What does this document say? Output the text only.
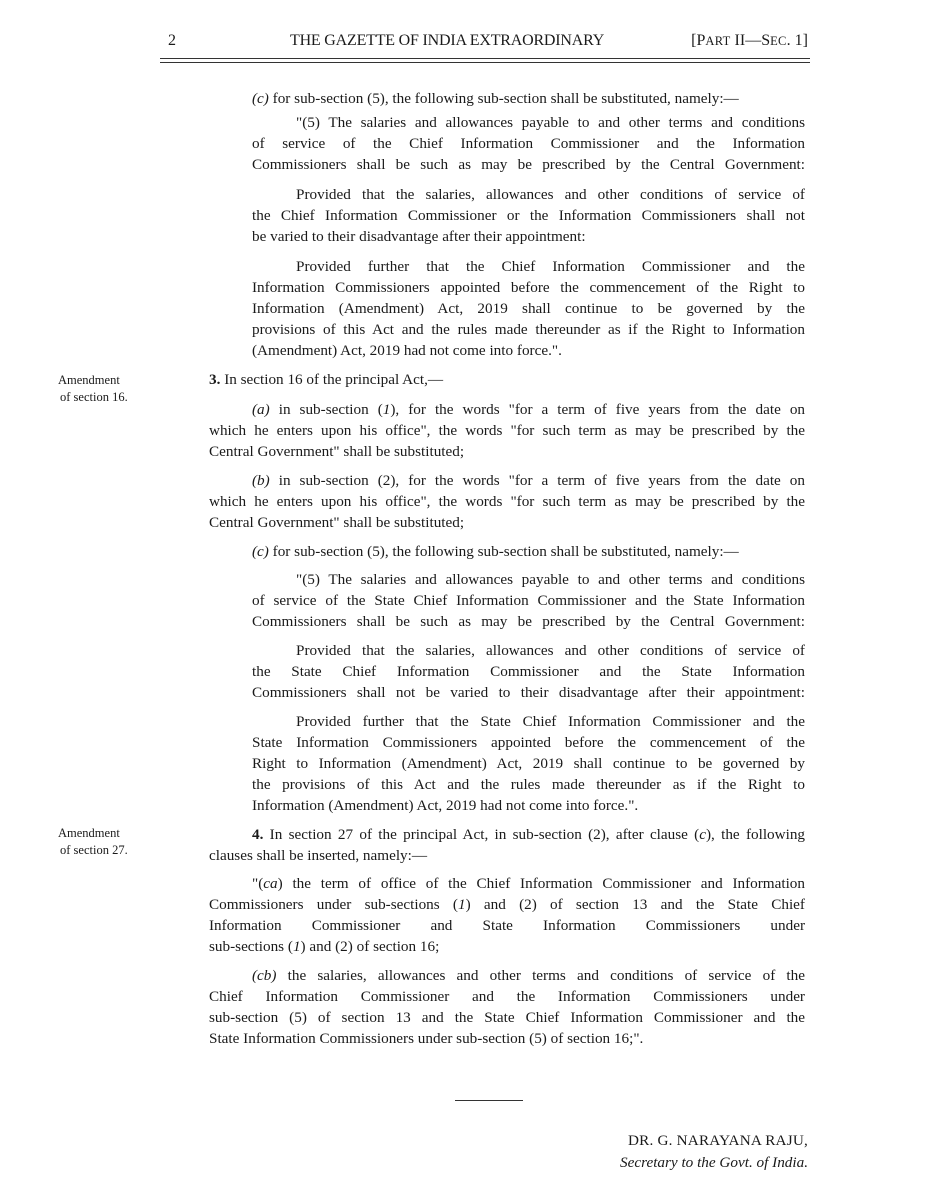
2	THE GAZETTE OF INDIA EXTRAORDINARY	[PART II—SEC. 1]
Amendment
of section 16.
Amendment
of section 27.
(c) for sub-section (5), the following sub-section shall be substituted, namely:—
"(5) The salaries and allowances payable to and other terms and conditions
of service of the Chief Information Commissioner and the Information
Commissioners shall be such as may be prescribed by the Central Government:
Provided that the salaries, allowances and other conditions of service of
the Chief Information Commissioner or the Information Commissioners shall not
be varied to their disadvantage after their appointment:
Provided further that the Chief Information Commissioner and the
Information Commissioners appointed before the commencement of the Right to
Information (Amendment) Act, 2019 shall continue to be governed by the
provisions of this Act and the rules made thereunder as if the Right to Information
(Amendment) Act, 2019 had not come into force.".
3. In section 16 of the principal Act,—
(a) in sub-section (1), for the words "for a term of five years from the date on
which he enters upon his office", the words "for such term as may be prescribed by the
Central Government" shall be substituted;
(b) in sub-section (2), for the words "for a term of five years from the date on
which he enters upon his office", the words "for such term as may be prescribed by the
Central Government" shall be substituted;
(c) for sub-section (5), the following sub-section shall be substituted, namely:—
"(5) The salaries and allowances payable to and other terms and conditions
of service of the State Chief Information Commissioner and the State Information
Commissioners shall be such as may be prescribed by the Central Government:
Provided that the salaries, allowances and other conditions of service of
the State Chief Information Commissioner and the State Information
Commissioners shall not be varied to their disadvantage after their appointment:
Provided further that the State Chief Information Commissioner and the
State Information Commissioners appointed before the commencement of the
Right to Information (Amendment) Act, 2019 shall continue to be governed by
the provisions of this Act and the rules made thereunder as if the Right to
Information (Amendment) Act, 2019 had not come into force.".
4. In section 27 of the principal Act, in sub-section (2), after clause (c), the following
clauses shall be inserted, namely:—
"(ca) the term of office of the Chief Information Commissioner and Information
Commissioners under sub-sections (1) and (2) of section 13 and the State Chief
Information Commissioner and State Information Commissioners under
sub-sections (1) and (2) of section 16;
(cb) the salaries, allowances and other terms and conditions of service of the
Chief Information Commissioner and the Information Commissioners under
sub-section (5) of section 13 and the State Chief Information Commissioner and the
State Information Commissioners under sub-section (5) of section 16;".
DR. G. NARAYANA RAJU,
Secretary to the Govt. of India.
